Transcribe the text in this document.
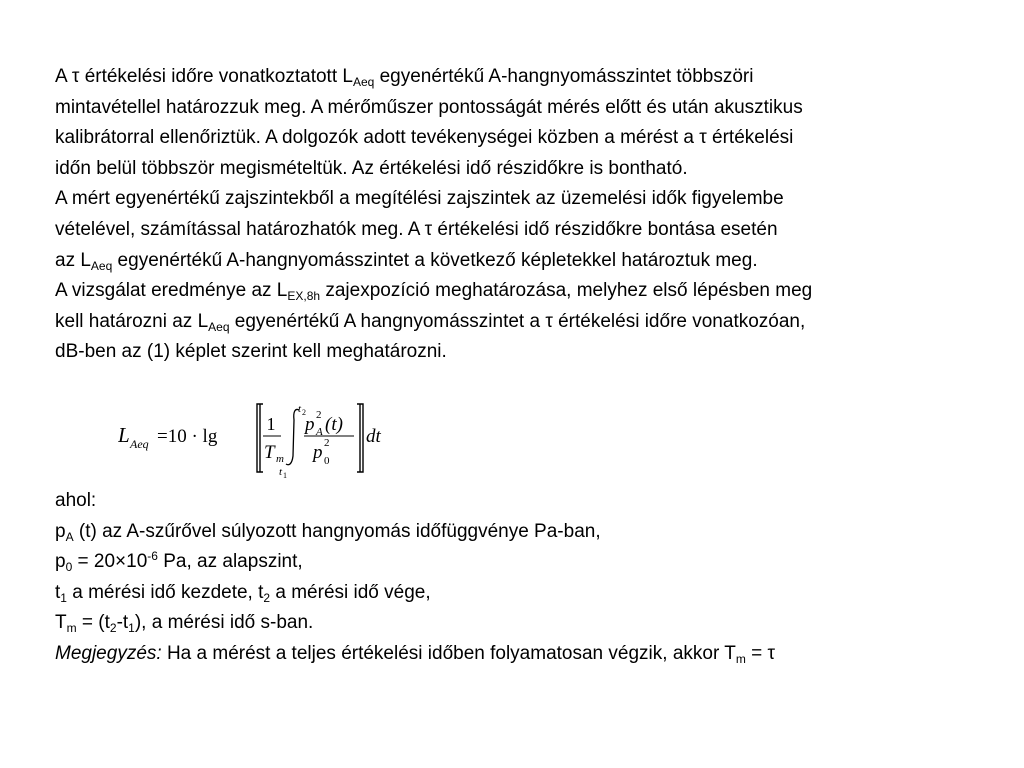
A τ értékelési időre vonatkoztatott $L_{Aeq}$ egyenértékű A-hangnyomásszintet többszöri
mintavétellel határozzuk meg. A mérőműszer pontosságát mérés előtt és után akusztikus
kalibrátorral ellenőriztük. A dolgozók adott tevékenységei közben a mérést a τ értékelési
időn belül többször megismételtük. Az értékelési idő részidőkre is bontható.
A mért egyenértékű zajszintekből a megítélési zajszintek az üzemelési idők figyelembe
vételével, számítással határozhatók meg. A τ értékelési idő részidőkre bontása esetén
az $L_{Aeq}$ egyenértékű A-hangnyomásszintet a következő képletekkel határoztuk meg.
A vizsgálat eredménye az $L_{EX,8h}$ zajexpozíció meghatározása, melyhez első lépésben meg
kell határozni az $L_{Aeq}$ egyenértékű A hangnyomásszintet a τ értékelési időre vonatkozóan,
dB-ben az (1) képlet szerint kell meghatározni.

L Aeq =10 · lg
1
T m
t 2
t 1
p 2
A (t)
p 2
0
dt

ahol:
$p_A$ (t) az A-szűrővel súlyozott hangnyomás időfüggvénye Pa-ban,
$p_0 = 20\times 10^{-6}$ Pa, az alapszint,
$t_1$ a mérési idő kezdete, $t_2$ a mérési idő vége,
$T_m = (t_2-t_1)$, a mérési idő s-ban.
Megjegyzés: Ha a mérést a teljes értékelési időben folyamatosan végzik, akkor $T_m = \tau$
